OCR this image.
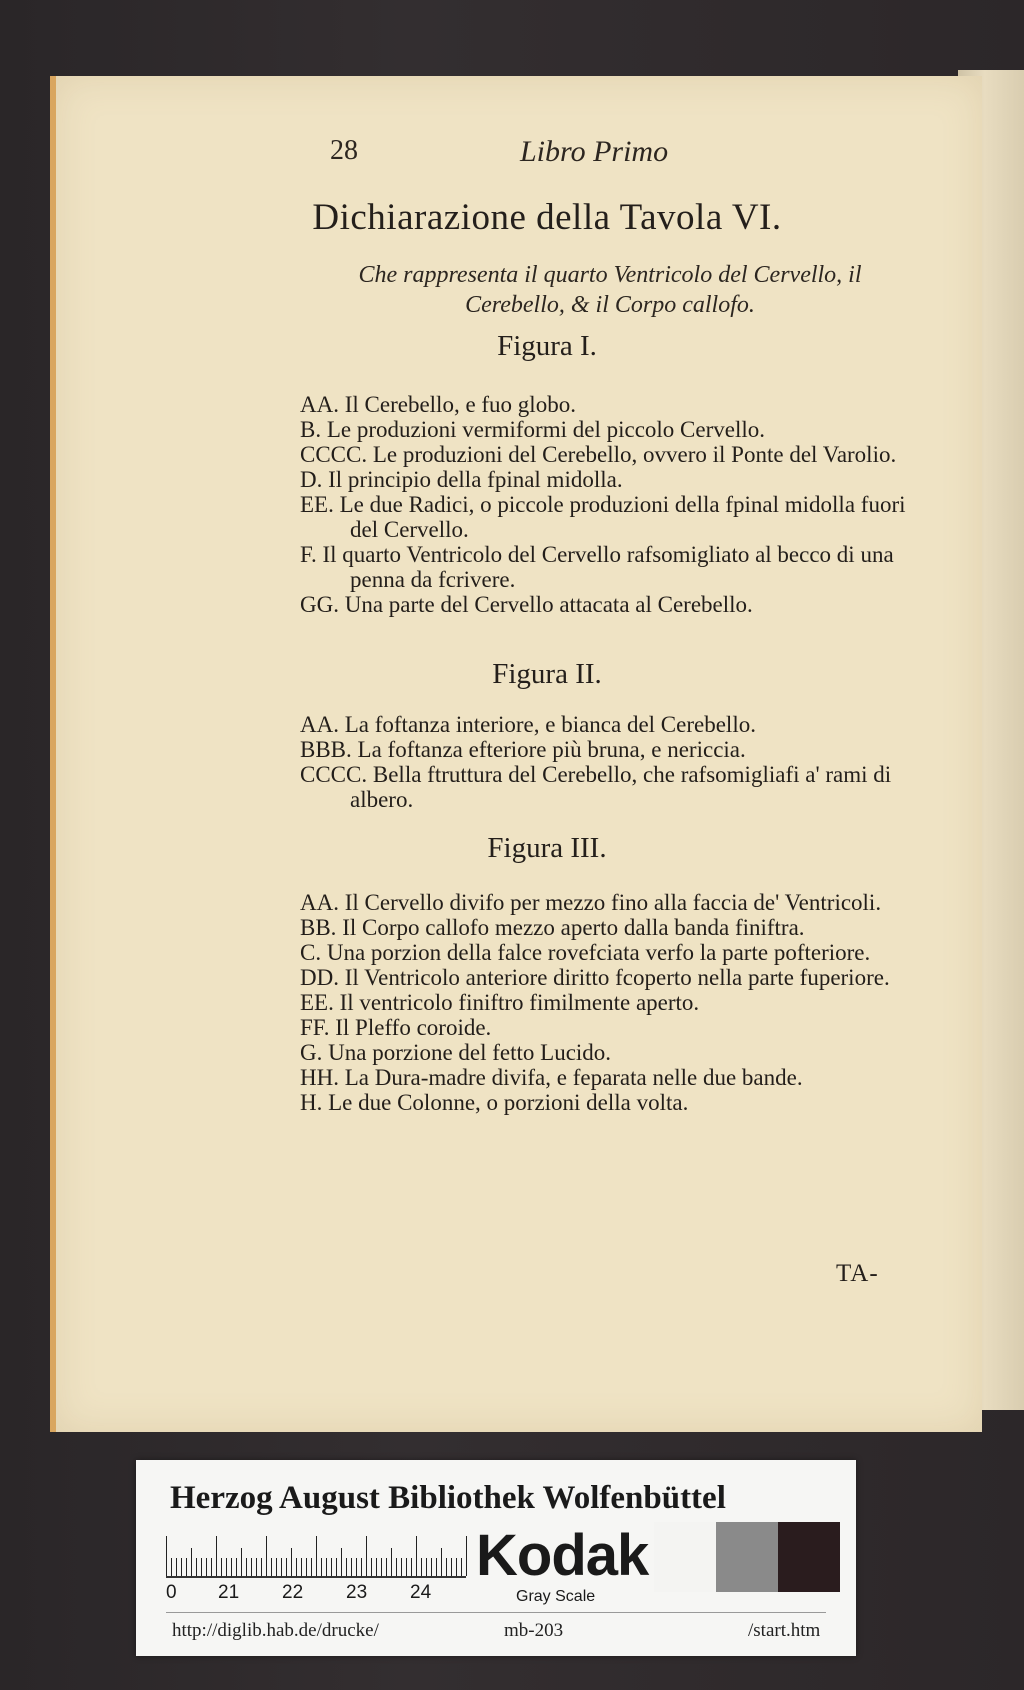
28	Libro Primo
Dichiarazione della Tavola VI.
Che rappresenta il quarto Ventricolo del Cervello, il Cerebello, & il Corpo callofo.
Figura I.

AA. Il Cerebello, e fuo globo.

B. Le produzioni vermiformi del piccolo Cervello.

CCCC. Le produzioni del Cerebello, ovvero il Ponte del Varolio.

D. Il principio della fpinal midolla.

EE. Le due Radici, o piccole produzioni della fpinal midolla fuori del Cervello.

F. Il quarto Ventricolo del Cervello rafsomigliato al becco di una penna da fcrivere.

GG. Una parte del Cervello attacata al Cerebello.

Figura II.

AA. La foftanza interiore, e bianca del Cerebello.

BBB. La foftanza efteriore più bruna, e nericcia.

CCCC. Bella ftruttura del Cerebello, che rafsomigliafi a' rami di albero.

Figura III.

AA. Il Cervello divifo per mezzo fino alla faccia de' Ventricoli.

BB. Il Corpo callofo mezzo aperto dalla banda finiftra.

C. Una porzion della falce rovefciata verfo la parte pofteriore.

DD. Il Ventricolo anteriore diritto fcoperto nella parte fuperiore.

EE. Il ventricolo finiftro fimilmente aperto.

FF. Il Pleffo coroide.

G. Una porzione del fetto Lucido.

HH. La Dura-madre divifa, e feparata nelle due bande.

H. Le due Colonne, o porzioni della volta.

TA-
Herzog August Bibliothek Wolfenbüttel
0 21 22 23 24
Kodak
Gray Scale
http://diglib.hab.de/drucke/	mb-203	/start.htm
